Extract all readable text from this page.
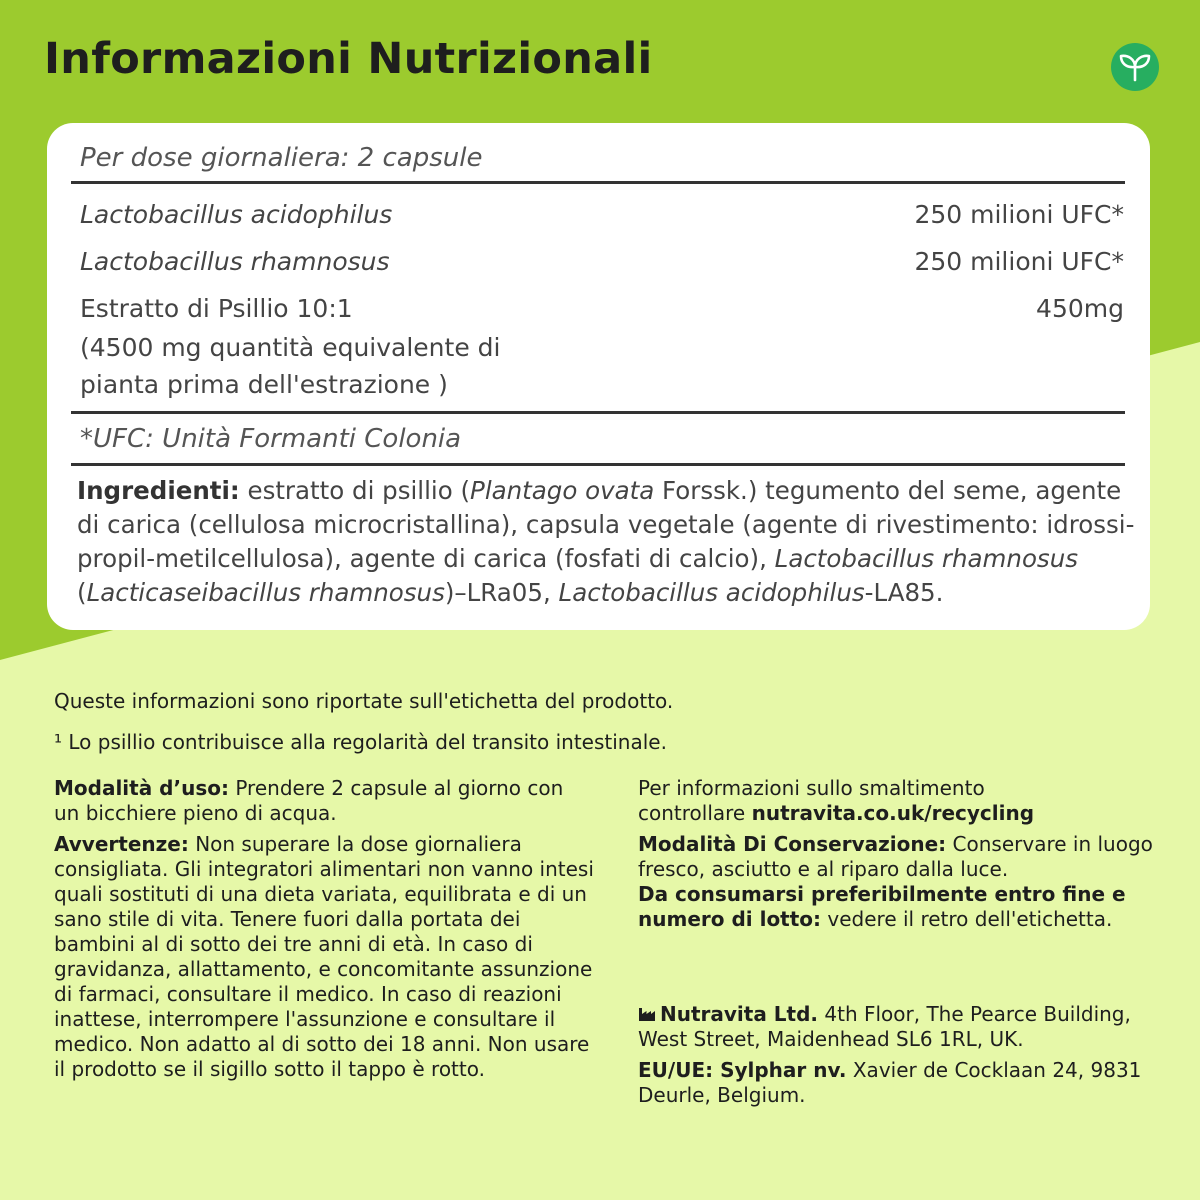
Informazioni Nutrizionali
Per dose giornaliera: 2 capsule
Lactobacillus acidophilus	250 milioni UFC*
Lactobacillus rhamnosus	250 milioni UFC*
Estratto di Psillio 10:1	450mg
(4500 mg quantità equivalente di
pianta prima dell'estrazione )
*UFC: Unità Formanti Colonia
Ingredienti: estratto di psillio (Plantago ovata Forssk.) tegumento del seme, agente di carica (cellulosa microcristallina), capsula vegetale (agente di rivestimento: idrossi-propil-metilcellulosa), agente di carica (fosfati di calcio), Lactobacillus rhamnosus (Lacticaseibacillus rhamnosus)–LRa05, Lactobacillus acidophilus-LA85.
Queste informazioni sono riportate sull'etichetta del prodotto.
¹ Lo psillio contribuisce alla regolarità del transito intestinale.

Modalità d’uso: Prendere 2 capsule al giorno con un bicchiere pieno di acqua.

Avvertenze: Non superare la dose giornaliera consigliata. Gli integratori alimentari non vanno intesi quali sostituti di una dieta variata, equilibrata e di un sano stile di vita. Tenere fuori dalla portata dei bambini al di sotto dei tre anni di età. In caso di gravidanza, allattamento, e concomitante assunzione di farmaci, consultare il medico. In caso di reazioni inattese, interrompere l'assunzione e consultare il medico. Non adatto al di sotto dei 18 anni. Non usare il prodotto se il sigillo sotto il tappo è rotto.

Per informazioni sullo smaltimento
controllare nutravita.co.uk/recycling

Modalità Di Conservazione: Conservare in luogo fresco, asciutto e al riparo dalla luce.
Da consumarsi preferibilmente entro fine e numero di lotto: vedere il retro dell'etichetta.

Nutravita Ltd. 4th Floor, The Pearce Building, West Street, Maidenhead SL6 1RL, UK.

EU/UE: Sylphar nv. Xavier de Cocklaan 24, 9831 Deurle, Belgium.
